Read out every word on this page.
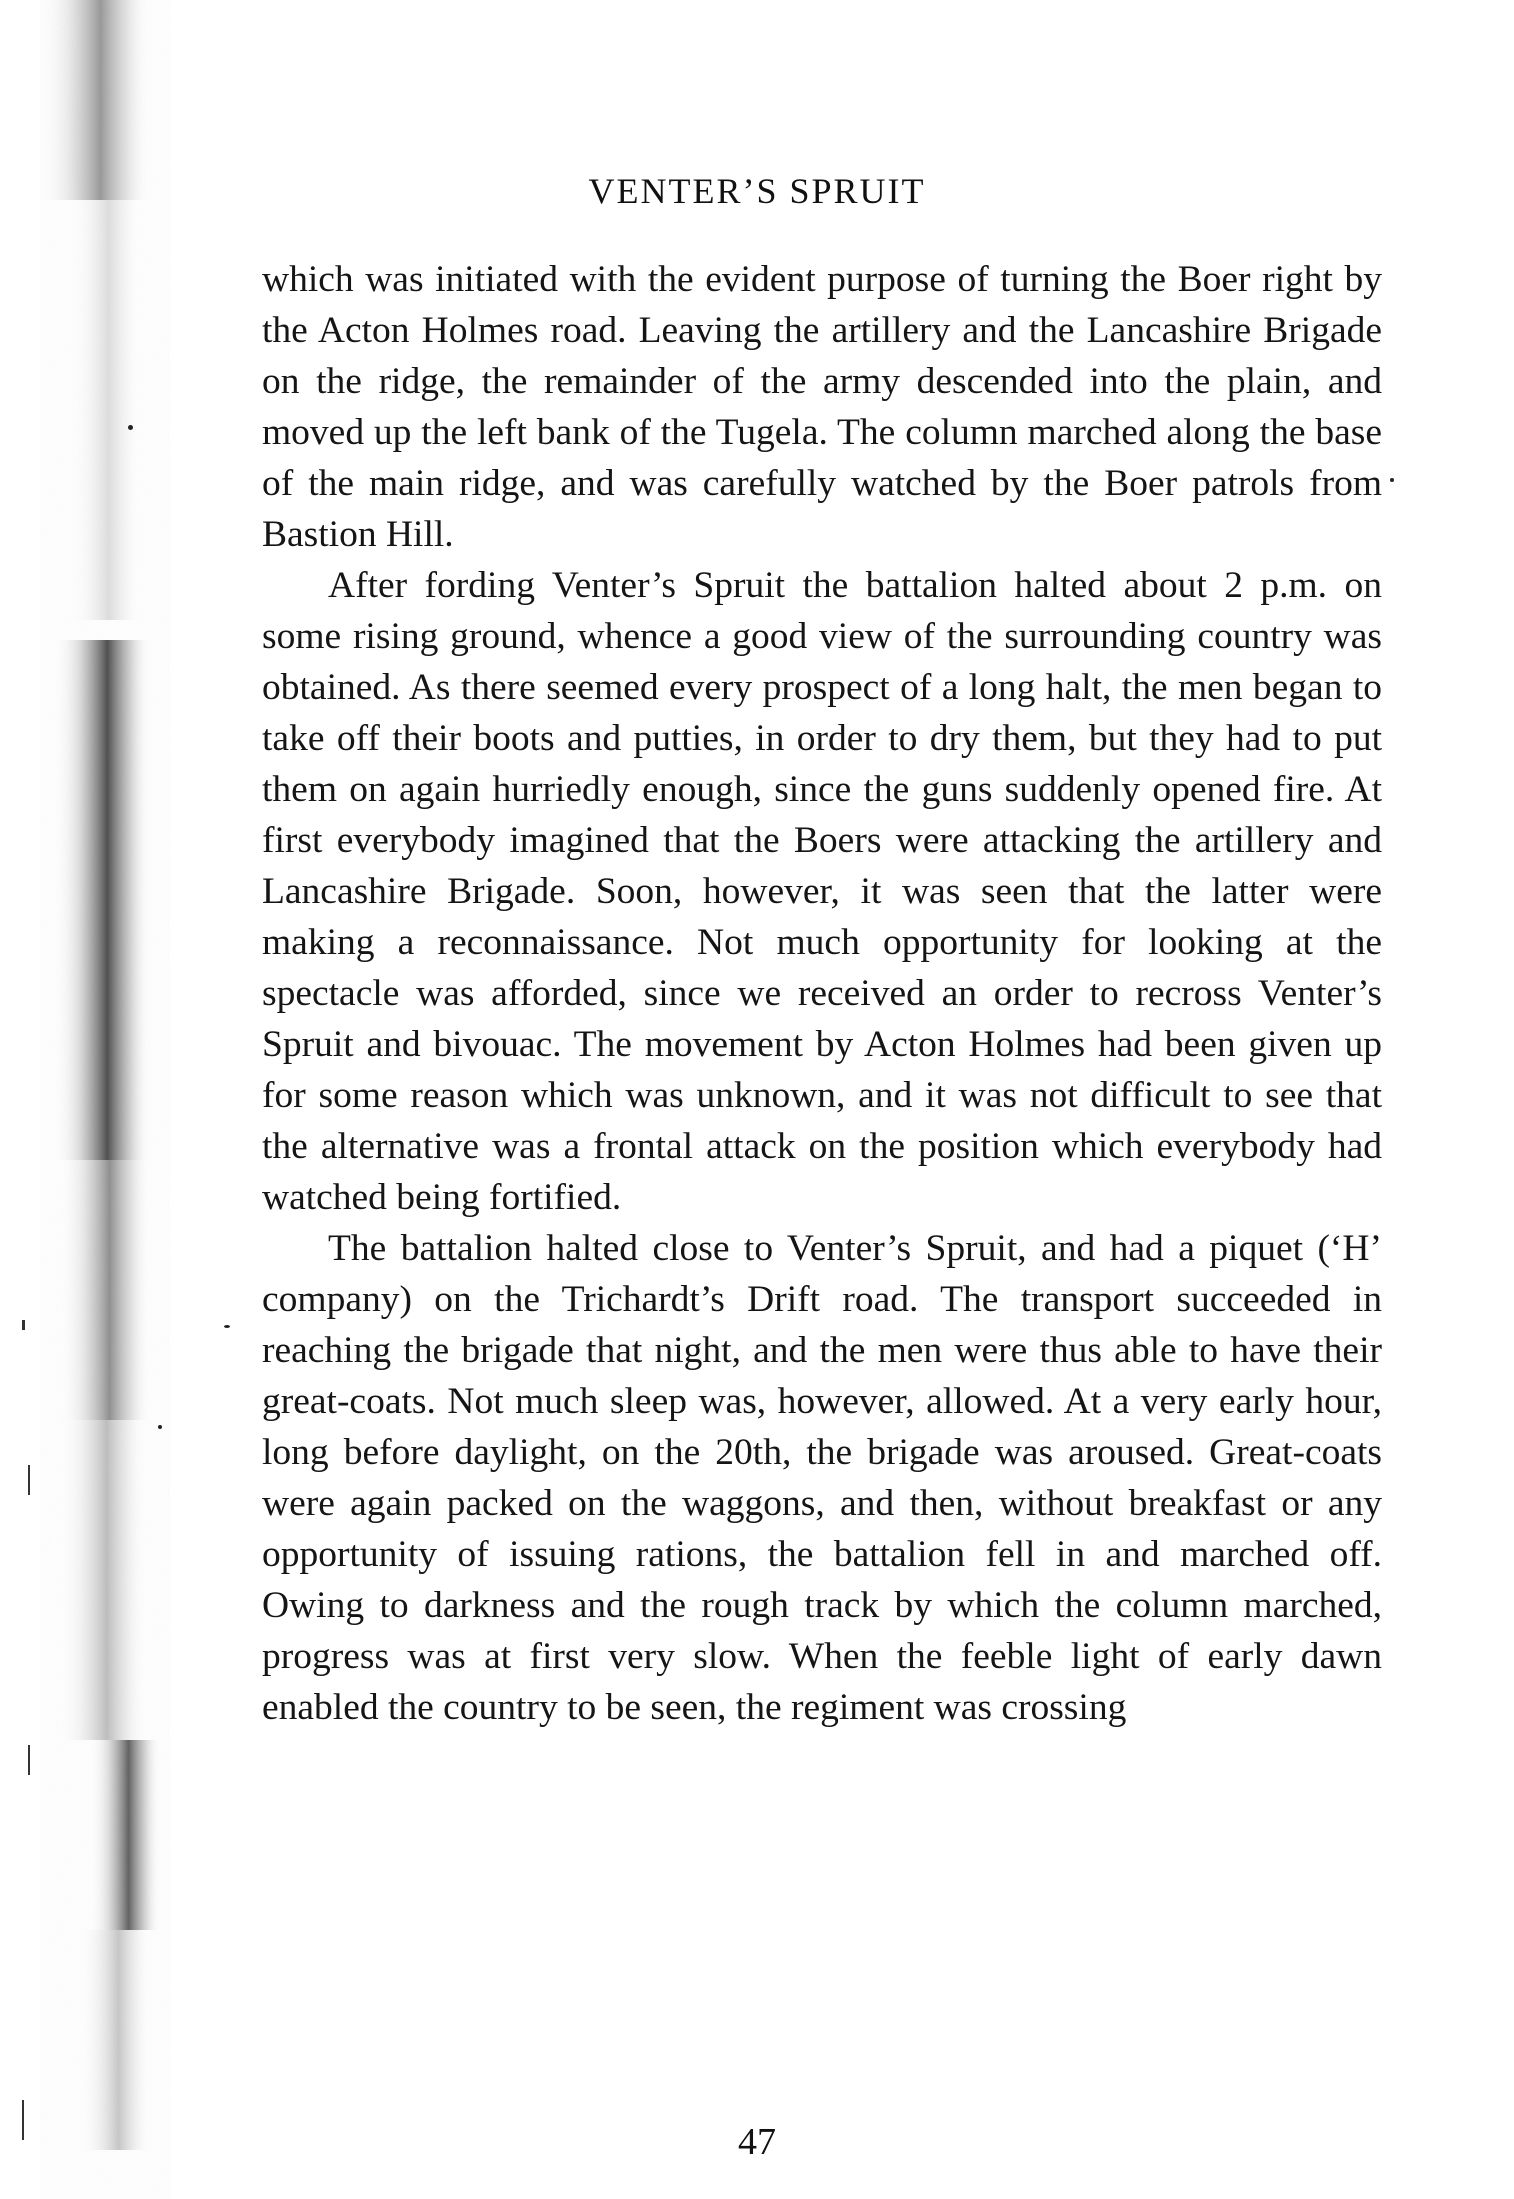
VENTER’S SPRUIT

which was initiated with the evident purpose of turning the Boer right by the Acton Holmes road. Leaving the artillery and the Lancashire Brigade on the ridge, the remainder of the army descended into the plain, and moved up the left bank of the Tugela. The column marched along the base of the main ridge, and was carefully watched by the Boer patrols from Bastion Hill.

After fording Venter’s Spruit the battalion halted about 2 p.m. on some rising ground, whence a good view of the surrounding country was obtained. As there seemed every prospect of a long halt, the men began to take off their boots and putties, in order to dry them, but they had to put them on again hurriedly enough, since the guns suddenly opened fire. At first everybody imagined that the Boers were attacking the artillery and Lancashire Brigade. Soon, however, it was seen that the latter were making a reconnaissance. Not much opportunity for looking at the spectacle was afforded, since we received an order to recross Venter’s Spruit and bivouac. The movement by Acton Holmes had been given up for some reason which was unknown, and it was not difficult to see that the alternative was a frontal attack on the position which everybody had watched being fortified.

The battalion halted close to Venter’s Spruit, and had a piquet (‘H’ company) on the Trichardt’s Drift road. The transport succeeded in reaching the brigade that night, and the men were thus able to have their great-coats. Not much sleep was, however, allowed. At a very early hour, long before daylight, on the 20th, the brigade was aroused. Great-coats were again packed on the waggons, and then, without breakfast or any opportunity of issuing rations, the battalion fell in and marched off. Owing to darkness and the rough track by which the column marched, progress was at first very slow. When the feeble light of early dawn enabled the country to be seen, the regiment was crossing

47
